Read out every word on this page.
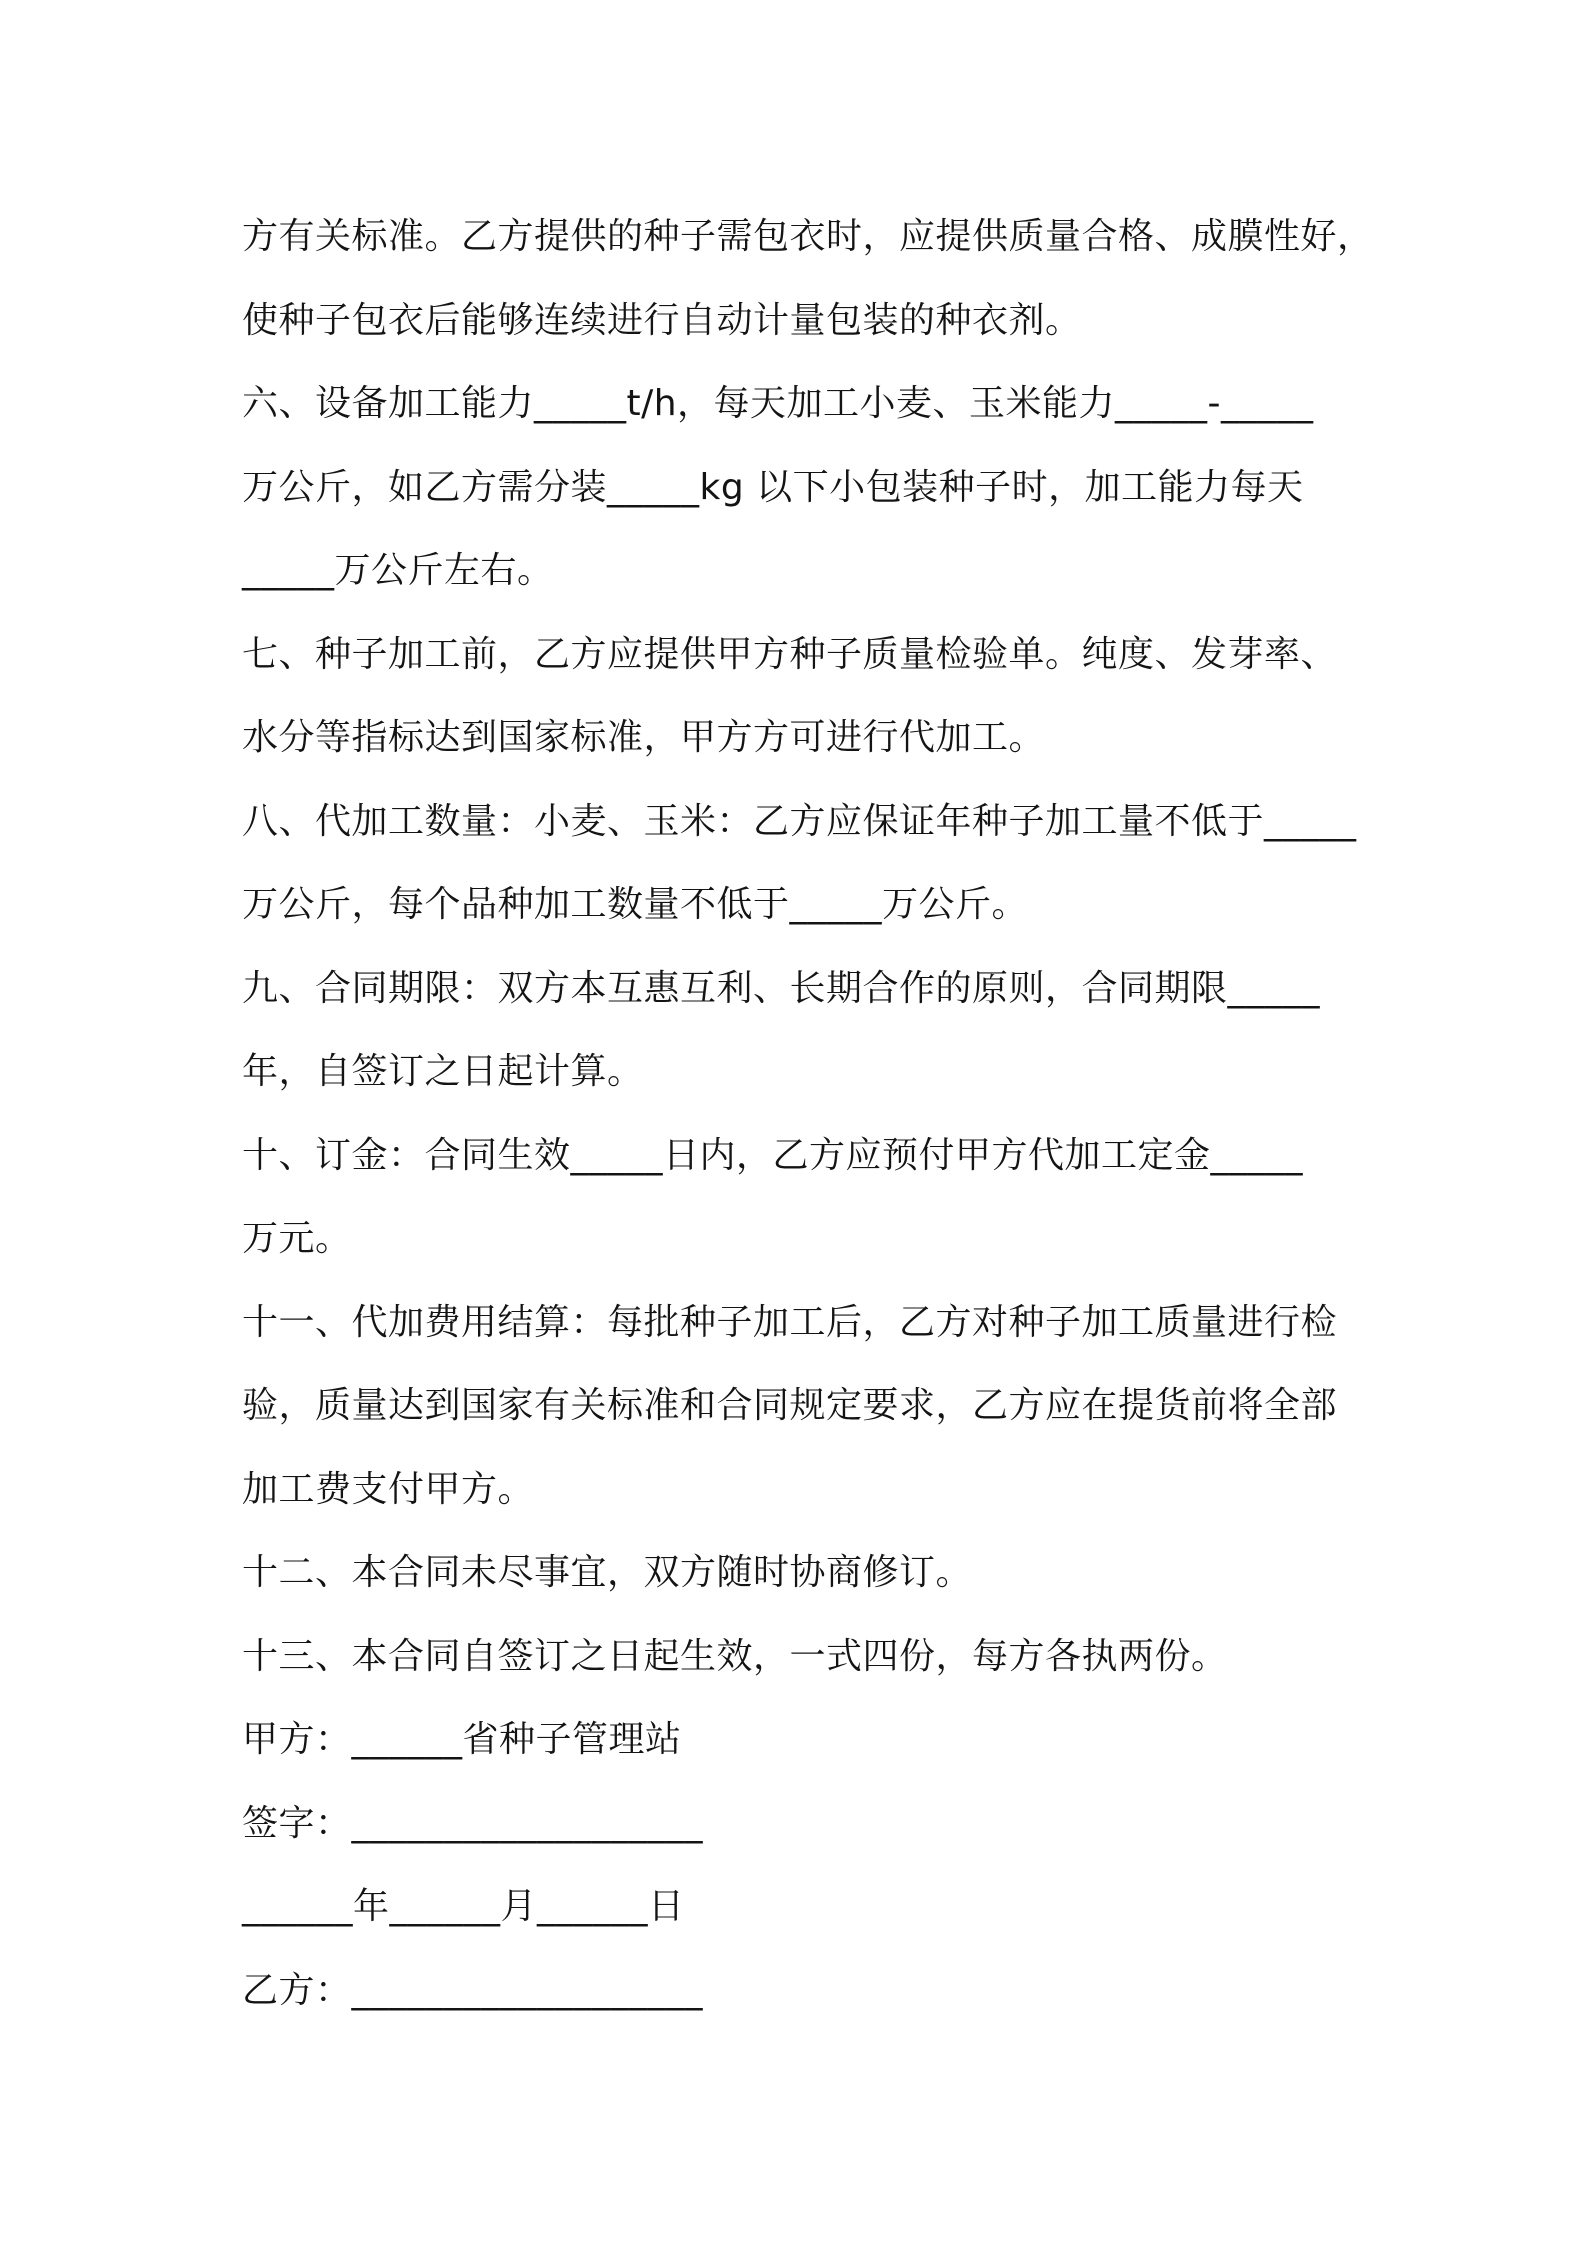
方有关标准。乙方提供的种子需包衣时，应提供质量合格、成膜性好，
使种子包衣后能够连续进行自动计量包装的种衣剂。
六、设备加工能力_____t/h，每天加工小麦、玉米能力_____-_____
万公斤，如乙方需分装_____kg 以下小包装种子时，加工能力每天
_____万公斤左右。
七、种子加工前，乙方应提供甲方种子质量检验单。纯度、发芽率、
水分等指标达到国家标准，甲方方可进行代加工。
八、代加工数量：小麦、玉米：乙方应保证年种子加工量不低于_____
万公斤，每个品种加工数量不低于_____万公斤。
九、合同期限：双方本互惠互利、长期合作的原则，合同期限_____
年，自签订之日起计算。
十、订金：合同生效_____日内，乙方应预付甲方代加工定金_____
万元。
十一、代加费用结算：每批种子加工后，乙方对种子加工质量进行检
验，质量达到国家有关标准和合同规定要求，乙方应在提货前将全部
加工费支付甲方。
十二、本合同未尽事宜，双方随时协商修订。
十三、本合同自签订之日起生效，一式四份，每方各执两份。
甲方：______省种子管理站
签字：___________________
______年______月______日
乙方：___________________
